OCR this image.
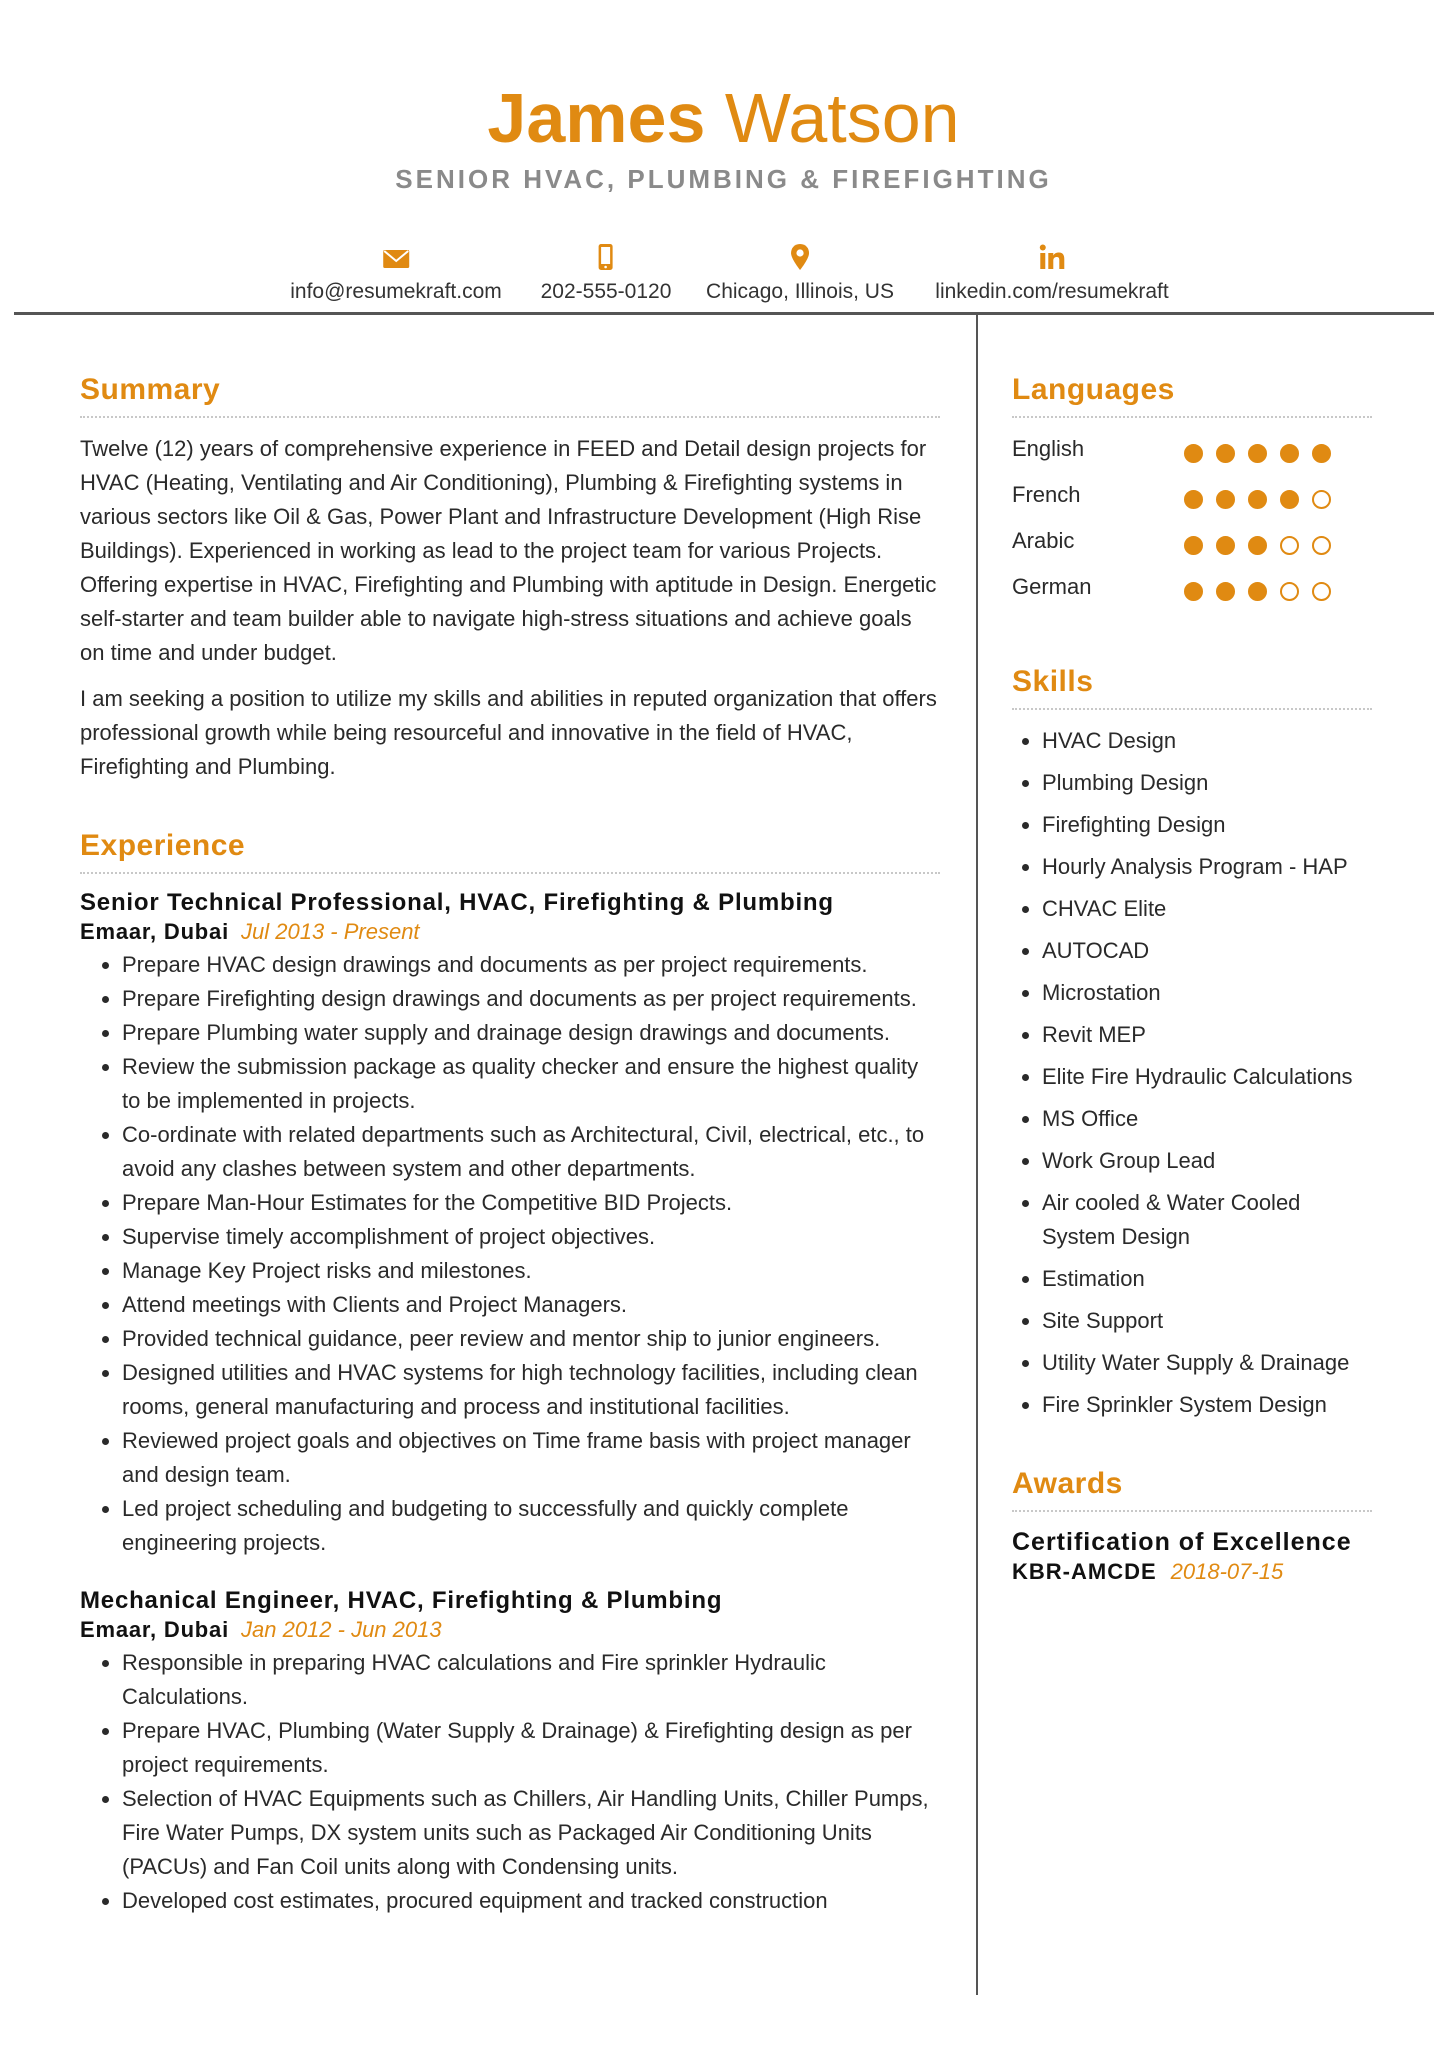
James Watson
SENIOR HVAC, PLUMBING & FIREFIGHTING
info@resumekraft.com 202-555-0120 Chicago, Illinois, US linkedin.com/resumekraft
Summary

Twelve (12) years of comprehensive experience in FEED and Detail design projects for HVAC (Heating, Ventilating and Air Conditioning), Plumbing & Firefighting systems in various sectors like Oil & Gas, Power Plant and Infrastructure Development (High Rise Buildings). Experienced in working as lead to the project team for various Projects. Offering expertise in HVAC, Firefighting and Plumbing with aptitude in Design. Energetic self-starter and team builder able to navigate high-stress situations and achieve goals on time and under budget.

I am seeking a position to utilize my skills and abilities in reputed organization that offers professional growth while being resourceful and innovative in the field of HVAC, Firefighting and Plumbing.

Experience
Senior Technical Professional, HVAC, Firefighting & Plumbing
Emaar, Dubai Jul 2013 - Present
• Prepare HVAC design drawings and documents as per project requirements.
• Prepare Firefighting design drawings and documents as per project requirements.
• Prepare Plumbing water supply and drainage design drawings and documents.
• Review the submission package as quality checker and ensure the highest quality to be implemented in projects.
• Co-ordinate with related departments such as Architectural, Civil, electrical, etc., to avoid any clashes between system and other departments.
• Prepare Man-Hour Estimates for the Competitive BID Projects.
• Supervise timely accomplishment of project objectives.
• Manage Key Project risks and milestones.
• Attend meetings with Clients and Project Managers.
• Provided technical guidance, peer review and mentor ship to junior engineers.
• Designed utilities and HVAC systems for high technology facilities, including clean rooms, general manufacturing and process and institutional facilities.
• Reviewed project goals and objectives on Time frame basis with project manager and design team.
• Led project scheduling and budgeting to successfully and quickly complete engineering projects.
Mechanical Engineer, HVAC, Firefighting & Plumbing
Emaar, Dubai Jan 2012 - Jun 2013
• Responsible in preparing HVAC calculations and Fire sprinkler Hydraulic Calculations.
• Prepare HVAC, Plumbing (Water Supply & Drainage) & Firefighting design as per project requirements.
• Selection of HVAC Equipments such as Chillers, Air Handling Units, Chiller Pumps, Fire Water Pumps, DX system units such as Packaged Air Conditioning Units (PACUs) and Fan Coil units along with Condensing units.
• Developed cost estimates, procured equipment and tracked construction
Languages
English
French
Arabic
German
Skills
• HVAC Design
• Plumbing Design
• Firefighting Design
• Hourly Analysis Program - HAP
• CHVAC Elite
• AUTOCAD
• Microstation
• Revit MEP
• Elite Fire Hydraulic Calculations
• MS Office
• Work Group Lead
• Air cooled & Water Cooled System Design
• Estimation
• Site Support
• Utility Water Supply & Drainage
• Fire Sprinkler System Design
Awards
Certification of Excellence
KBR-AMCDE 2018-07-15
